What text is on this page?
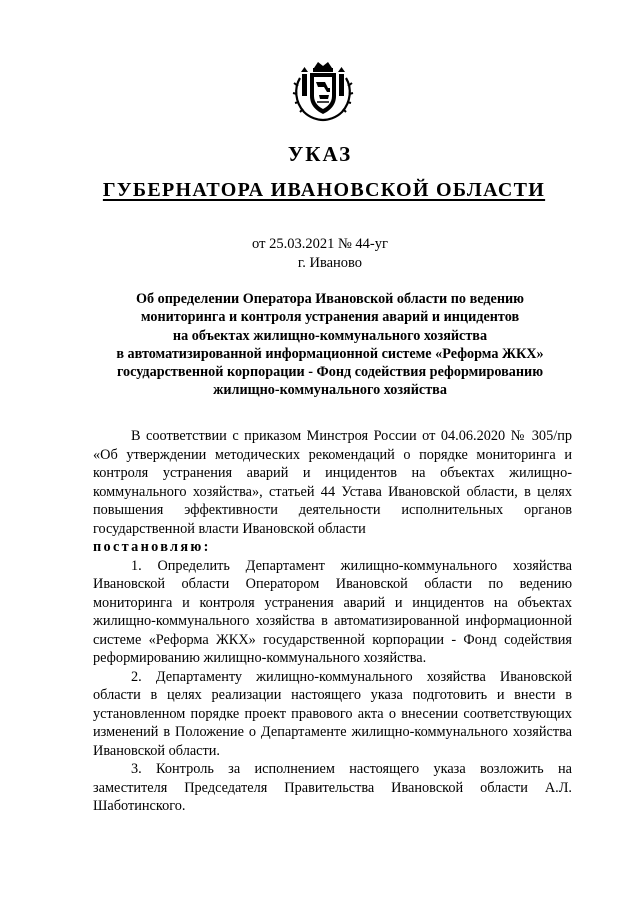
УКАЗ
ГУБЕРНАТОРА ИВАНОВСКОЙ ОБЛАСТИ
от 25.03.2021 № 44-уг
г. Иваново
Об определении Оператора Ивановской области по ведению
мониторинга и контроля устранения аварий и инцидентов
на объектах жилищно-коммунального хозяйства
в автоматизированной информационной системе «Реформа ЖКХ»
государственной корпорации - Фонд содействия реформированию
жилищно-коммунального хозяйства

В соответствии с приказом Минстроя России от 04.06.2020 № 305/пр «Об утверждении методических рекомендаций о порядке мониторинга и контроля устранения аварий и инцидентов на объектах жилищно-коммунального хозяйства», статьей 44 Устава Ивановской области, в целях повышения эффективности деятельности исполнительных органов государственной власти Ивановской области

постановляю:

1. Определить Департамент жилищно-коммунального хозяйства Ивановской области Оператором Ивановской области по ведению мониторинга и контроля устранения аварий и инцидентов на объектах жилищно-коммунального хозяйства в автоматизированной информационной системе «Реформа ЖКХ» государственной корпорации - Фонд содействия реформированию жилищно-коммунального хозяйства.

2. Департаменту жилищно-коммунального хозяйства Ивановской области в целях реализации настоящего указа подготовить и внести в установленном порядке проект правового акта о внесении соответствующих изменений в Положение о Департаменте жилищно-коммунального хозяйства Ивановской области.

3. Контроль за исполнением настоящего указа возложить на заместителя Председателя Правительства Ивановской области А.Л. Шаботинского.
